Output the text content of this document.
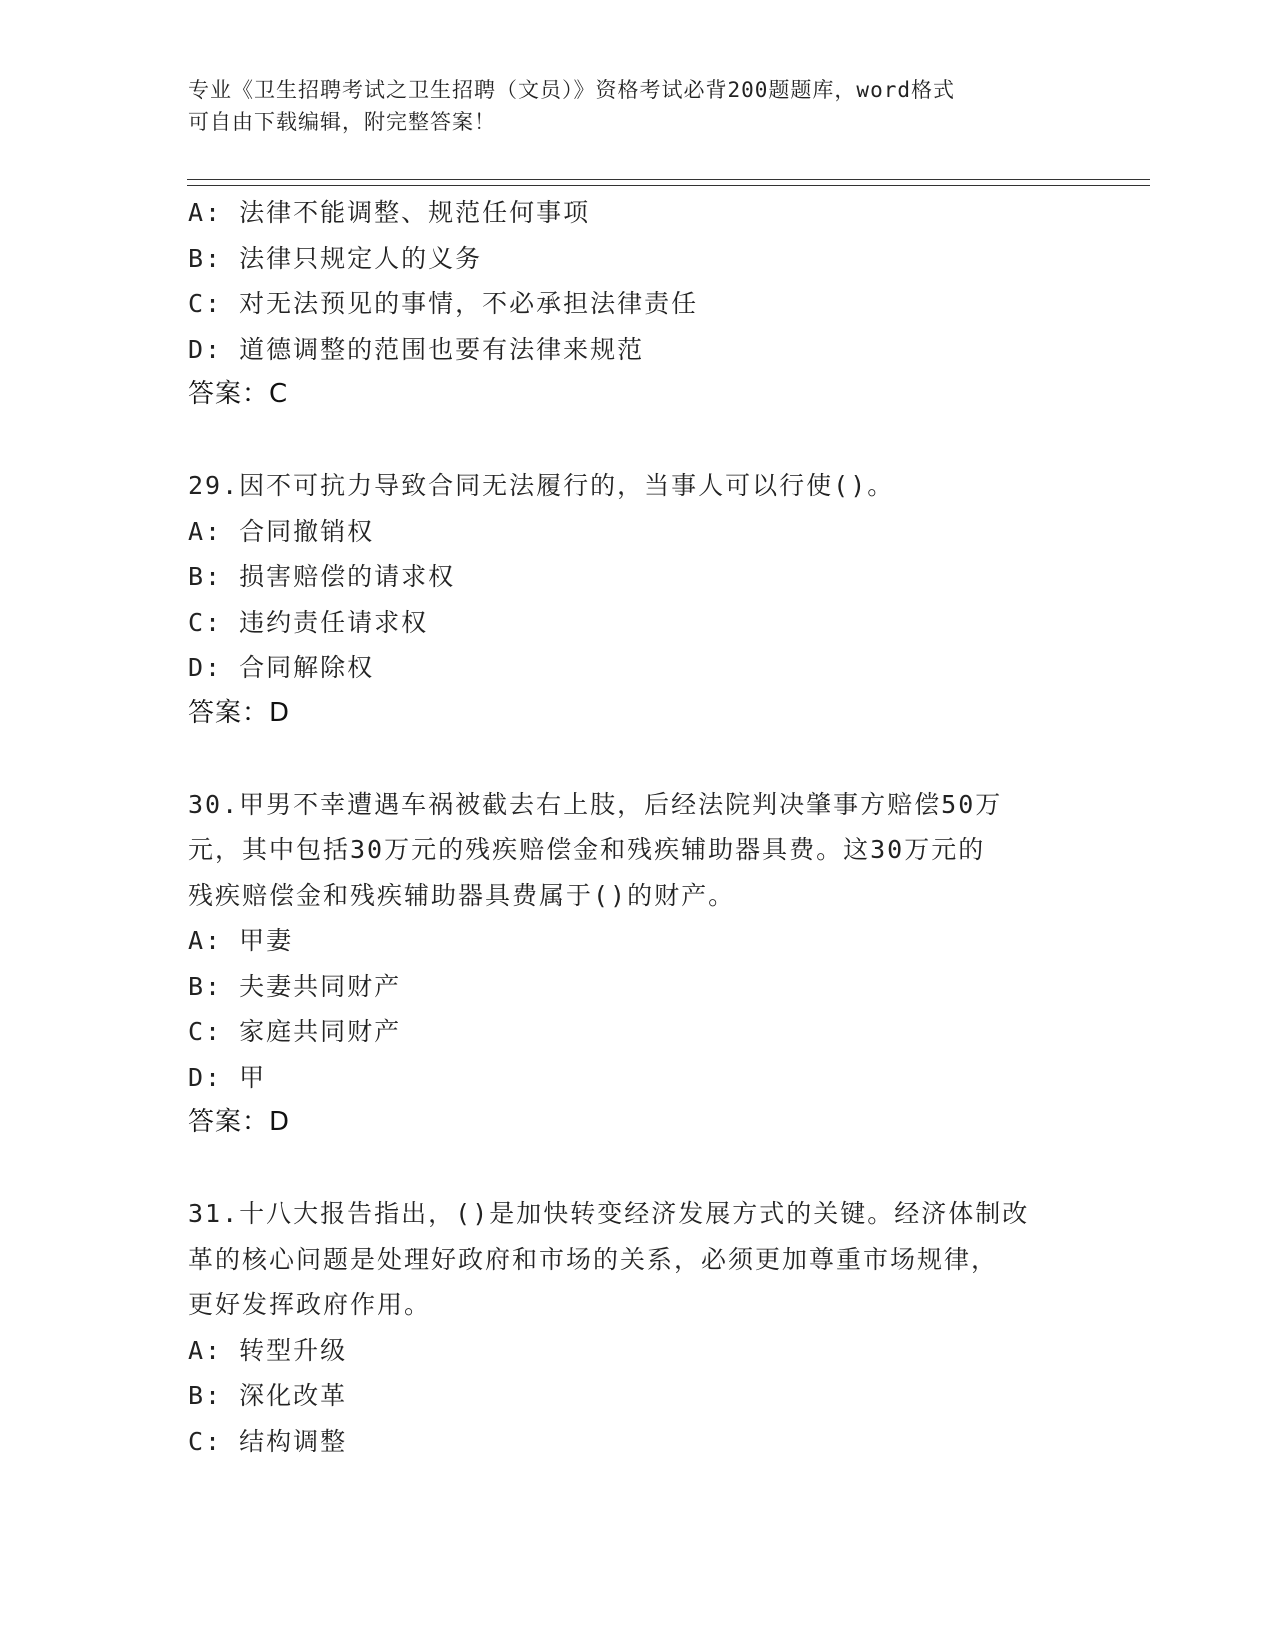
专业《卫生招聘考试之卫生招聘（文员）》资格考试必背200题题库，word格式
可自由下载编辑，附完整答案！
A: 法律不能调整、规范任何事项
B: 法律只规定人的义务
C: 对无法预见的事情，不必承担法律责任
D: 道德调整的范围也要有法律来规范
答案：C
29.因不可抗力导致合同无法履行的，当事人可以行使()。
A: 合同撤销权
B: 损害赔偿的请求权
C: 违约责任请求权
D: 合同解除权
答案：D
30.甲男不幸遭遇车祸被截去右上肢，后经法院判决肇事方赔偿50万
元，其中包括30万元的残疾赔偿金和残疾辅助器具费。这30万元的
残疾赔偿金和残疾辅助器具费属于()的财产。
A: 甲妻
B: 夫妻共同财产
C: 家庭共同财产
D: 甲
答案：D
31.十八大报告指出，()是加快转变经济发展方式的关键。经济体制改
革的核心问题是处理好政府和市场的关系，必须更加尊重市场规律，
更好发挥政府作用。
A: 转型升级
B: 深化改革
C: 结构调整
